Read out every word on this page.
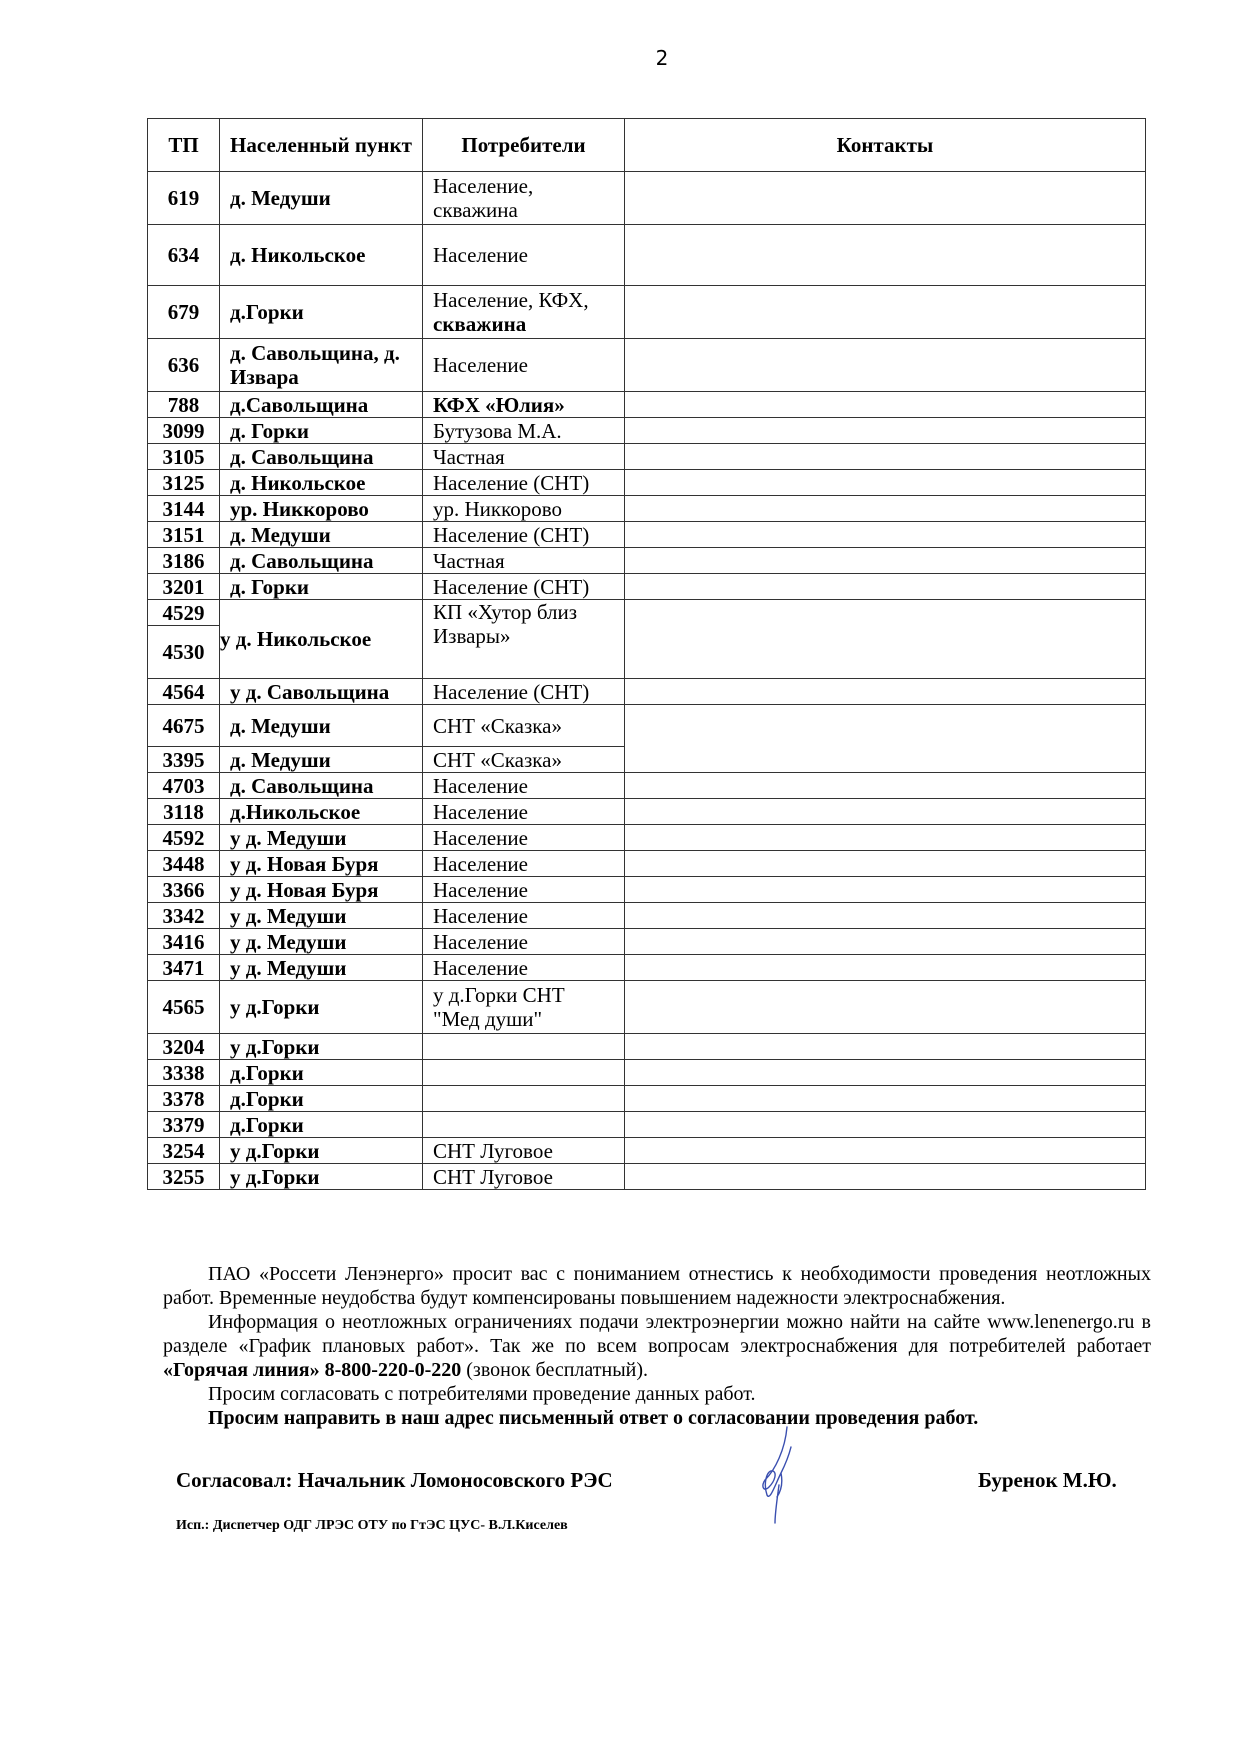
2
ТП	Населенный пункт	Потребители	Контакты
619	д. Медуши	Население, скважина	
634	д. Никольское	Население	
679	д.Горки	Население, КФХ,
скважина	
636	д. Савольщина, д. Извара	Население	
788	д.Савольщина	КФХ «Юлия»	
3099	д. Горки	Бутузова М.А.	
3105	д. Савольщина	Частная	
3125	д. Никольское	Население (СНТ)	
3144	ур. Никкорово	ур. Никкорово	
3151	д. Медуши	Население (СНТ)	
3186	д. Савольщина	Частная	
3201	д. Горки	Население (СНТ)	
4529	у д. Никольское	КП «Хутор близ Извары»	
4530			
4564	у д. Савольщина	Население (СНТ)	
4675	д. Медуши	СНТ «Сказка»	
3395	д. Медуши	СНТ «Сказка»	
4703	д. Савольщина	Население	
3118	д.Никольское	Население	
4592	у д. Медуши	Население	
3448	у д. Новая Буря	Население	
3366	у д. Новая Буря	Население	
3342	у д. Медуши	Население	
3416	у д. Медуши	Население	
3471	у д. Медуши	Население	
4565	у д.Горки	у д.Горки СНТ "Мед души"	
3204	у д.Горки		
3338	д.Горки		
3378	д.Горки		
3379	д.Горки		
3254	у д.Горки	СНТ Луговое	
3255	у д.Горки	СНТ Луговое	
ПАО «Россети Ленэнерго» просит вас с пониманием отнестись к необходимости проведения неотложных работ. Временные неудобства будут компенсированы повышением надежности электроснабжения.
Информация о неотложных ограничениях подачи электроэнергии можно найти на сайте www.lenenergo.ru в разделе «График плановых работ». Так же по всем вопросам электроснабжения для потребителей работает «Горячая линия» 8-800-220-0-220 (звонок бесплатный).
Просим согласовать с потребителями проведение данных работ.
Просим направить в наш адрес письменный ответ о согласовании проведения работ.
Согласовал: Начальник Ломоносовского РЭС	Буренок М.Ю.
Исп.: Диспетчер ОДГ ЛРЭС ОТУ по ГтЭС ЦУС- В.Л.Киселев
